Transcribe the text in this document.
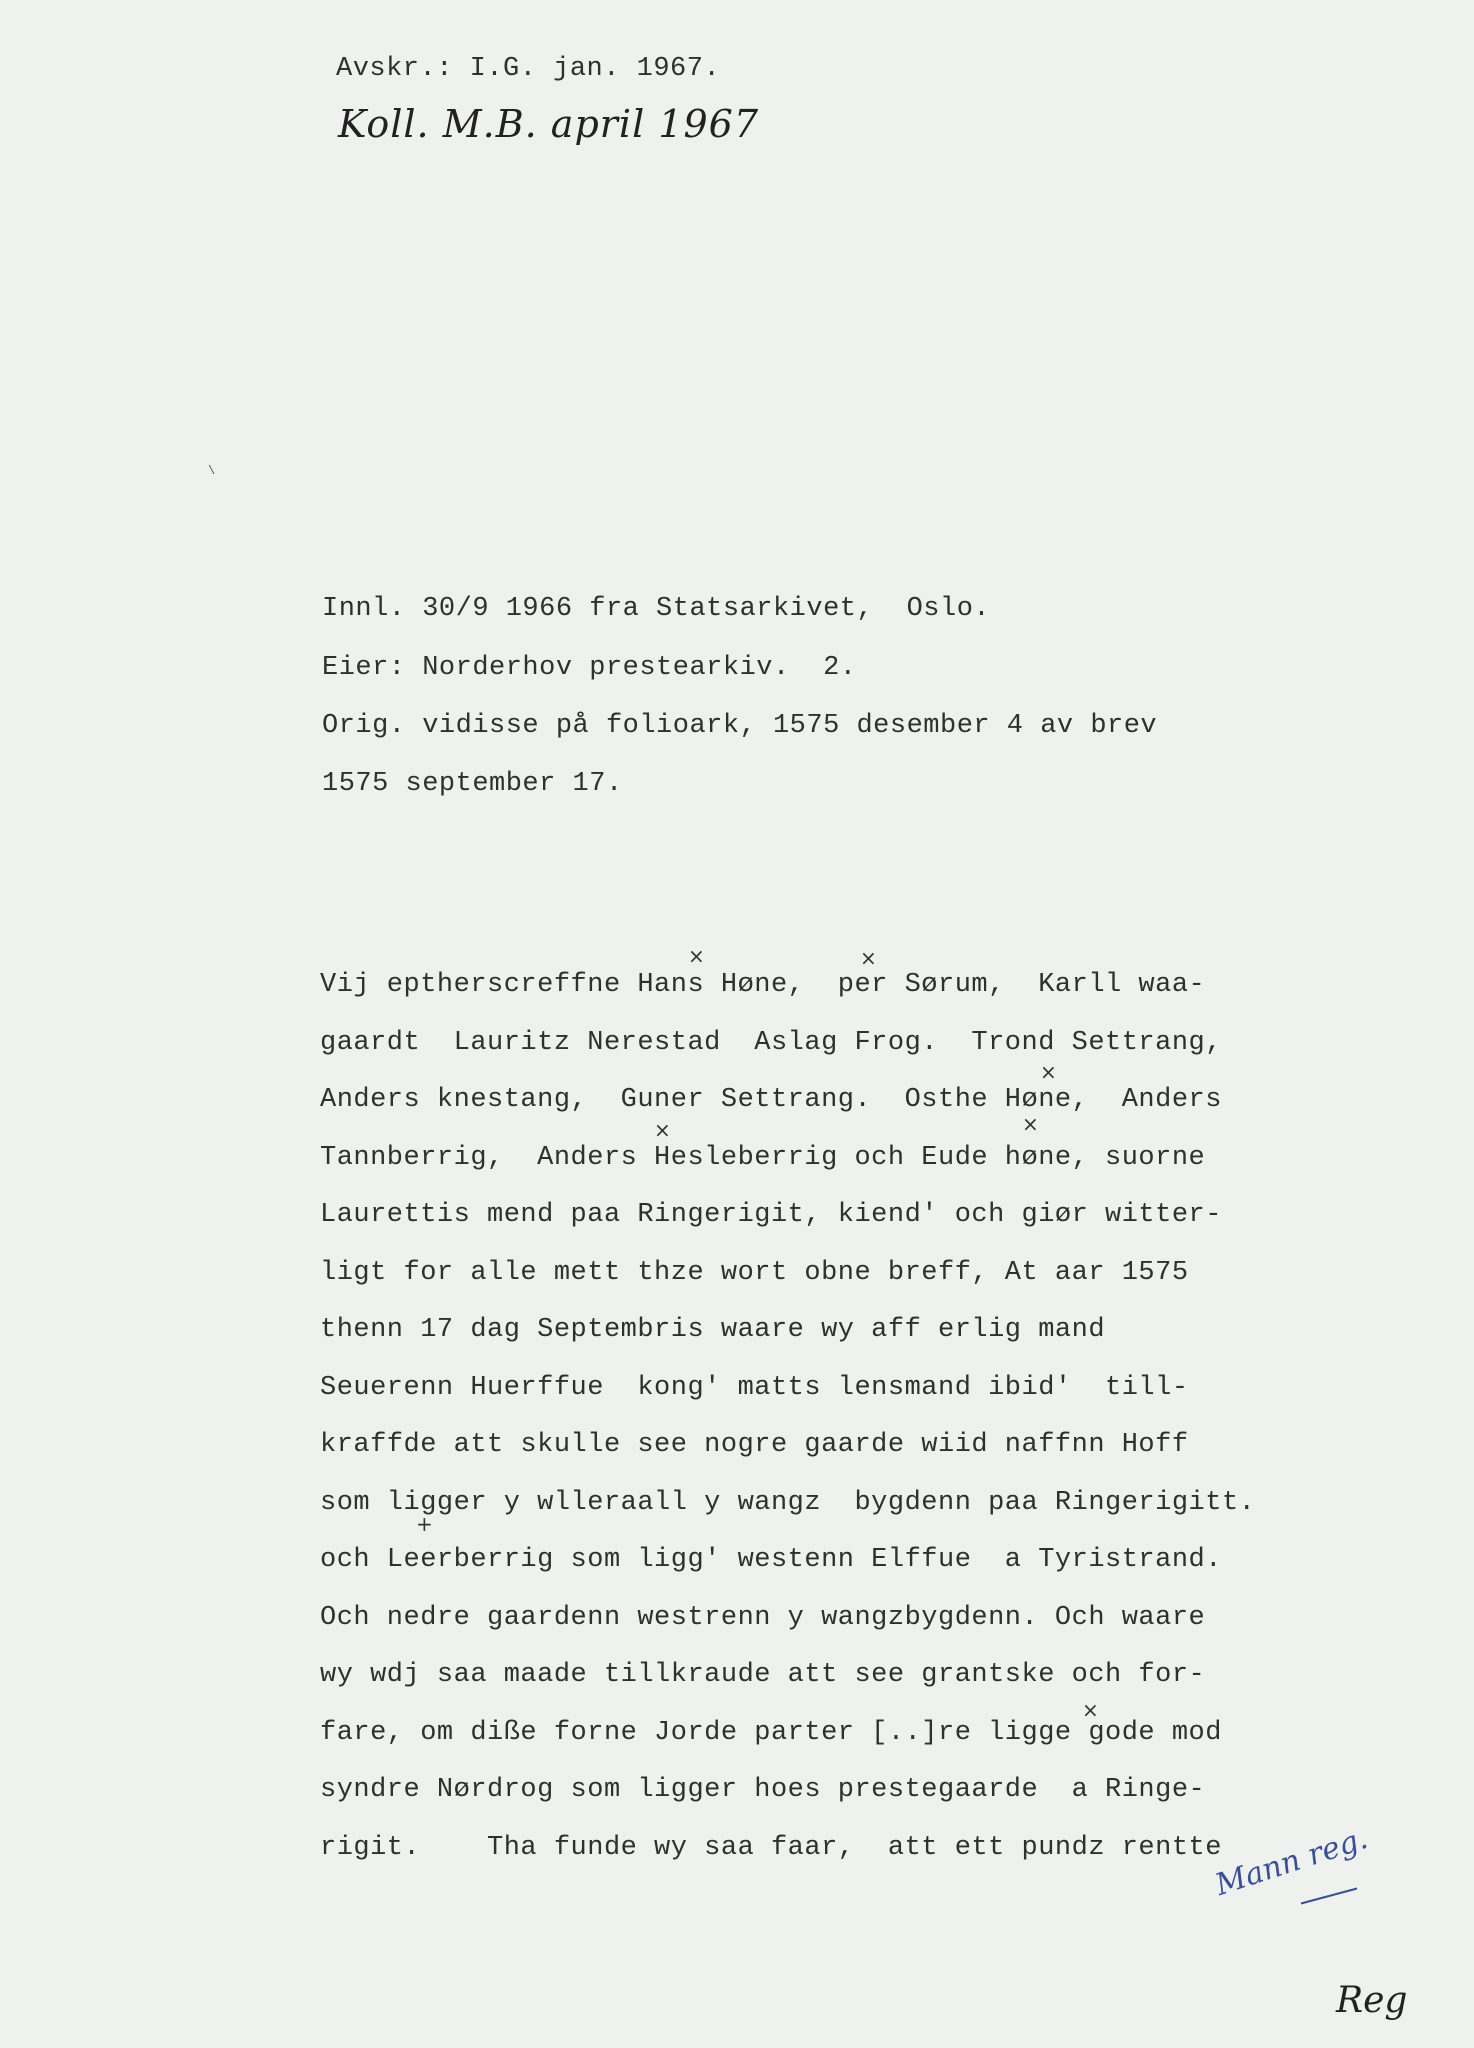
Avskr.: I.G. jan. 1967.
Koll. M.B. april 1967
Innl. 30/9 1966 fra Statsarkivet,  Oslo.
Eier: Norderhov prestearkiv.  2.
Orig. vidisse på folioark, 1575 desember 4 av brev
1575 september 17.
Vij eptherscreffne Hans Høne,  per Sørum,  Karll waa-
gaardt  Lauritz Nerestad  Aslag Frog.  Trond Settrang,
Anders knestang,  Guner Settrang.  Osthe Høne,  Anders
Tannberrig,  Anders Hesleberrig och Eude høne, suorne
Laurettis mend paa Ringerigit, kiend' och giør witter-
ligt for alle mett thze wort obne breff, At aar 1575
thenn 17 dag Septembris waare wy aff erlig mand
Seuerenn Huerffue  kong' matts lensmand ibid'  till-
kraffde att skulle see nogre gaarde wiid naffnn Hoff
som ligger y wlleraall y wangz  bygdenn paa Ringerigitt.
och Leerberrig som ligg' westenn Elffue  a Tyristrand.
Och nedre gaardenn westrenn y wangzbygdenn. Och waare
wy wdj saa maade tillkraude att see grantske och for-
fare, om diße forne Jorde parter [..]re ligge gode mod
syndre Nørdrog som ligger hoes prestegaarde  a Ringe-
rigit.    Tha funde wy saa faar,  att ett pundz rentte
×	×
×
×	×
+
×
\
Mann reg.
Reg
